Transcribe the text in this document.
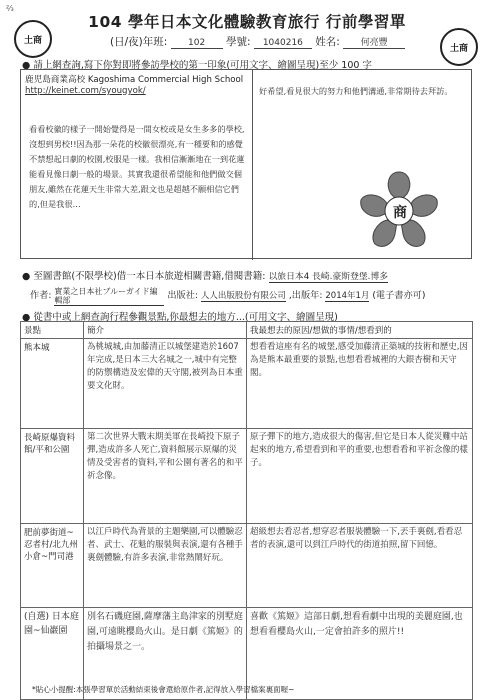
⅔
土商
土商
104 學年日本文化體驗教育旅行 行前學習單
(日/夜)年班: 102 學號: 1040216 姓名: 何亮豐
● 請上網查詢,寫下你對即將參訪學校的第一印象(可用文字、繪圖呈現)至少 100 字
鹿児島商業高校 Kagoshima Commercial High School
http://keinet.com/syougyok/
看看校徽的樣子一開始覺得是一間女校或是女生多多的學校,沒想到男校!!因為那一朵花的校徽很漂亮,有一種要和的感覺不禁想起日劇的校園,校服是一樣。我相信漸漸地在一到花蓮能看見像日劇一般的場景。其實我還很希望能和他們做交個朋友,雖然在花蓮天生非常大差,跟文也是超越不願相信它們的,但是我很…
好希望,看見很大的努力和他們溝通,非常期待去拜訪。
商
● 至圖書館(不限學校)借一本日本旅遊相關書籍,借閱書籍: 以旅日本4 長崎.豪斯登堡.博多
作者: 實業之日本社ブルーガイド編輯部	出版社: 人人出版股份有限公司 ,出版年: 2014年1月 (電子書亦可)
● 從書中或上網查詢行程參觀景點,你最想去的地方...(可用文字、繪圖呈現)
景點	簡介	我最想去的原因/想做的事情/想看到的
熊本城	為桃城城,由加藤清正以城堡建造於1607年完成,是日本三大名城之一,城中有完整的防禦構造及宏偉的天守閣,被列為日本重要文化財。	想看看這座有名的城堡,感受加藤清正築城的技術和歷史,因為是熊本最重要的景點,也想看看城裡的大銀杏樹和天守閣。
長崎原爆資料館/平和公園	第二次世界大戰末期美軍在長崎投下原子彈,造成許多人死亡,資料館展示原爆的災情及受害者的資料,平和公園有著名的和平祈念像。	原子彈下的地方,造成很大的傷害,但它是日本人從災難中站起來的地方,希望看到和平的重要,也想看看和平祈念像的樣子。
肥前夢街道~忍者村/北九州小倉~門司港	以江戶時代為背景的主題樂園,可以體驗忍者、武士、花魁的服裝與表演,還有各種手裏劍體驗,有許多表演,非常熱鬧好玩。	超級想去看忍者,想穿忍者服裝體驗一下,丟手裏劍,看看忍者的表演,還可以到江戶時代的街道拍照,留下回憶。
(自選) 日本庭園~仙巖園	別名石磯庭園,薩摩藩主島津家的別墅庭園,可遠眺櫻島火山。是日劇《篤姬》的拍攝場景之一。	喜歡《篤姬》這部日劇,想看看劇中出現的美麗庭園,也想看看櫻島火山,一定會拍許多的照片!!
*貼心小提醒:本張學習單於活動結束後會還給原作者,記得放入學習檔案裏面喔~
